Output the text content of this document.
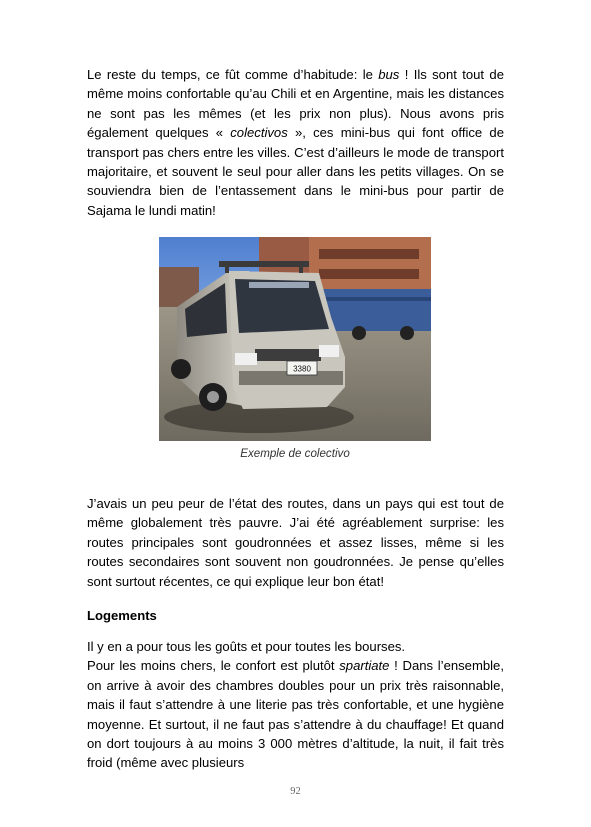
Le reste du temps, ce fût comme d’habitude: le bus ! Ils sont tout de même moins confortable qu’au Chili et en Argentine, mais les distances ne sont pas les mêmes (et les prix non plus). Nous avons pris également quelques « colectivos », ces mini-bus qui font office de transport pas chers entre les villes. C’est d’ailleurs le mode de transport majoritaire, et souvent le seul pour aller dans les petits villages. On se souviendra bien de l’entassement dans le mini-bus pour partir de Sajama le lundi matin!

3380
Exemple de colectivo

J’avais un peu peur de l’état des routes, dans un pays qui est tout de même globalement très pauvre. J’ai été agréablement surprise: les routes principales sont goudronnées et assez lisses, même si les routes secondaires sont souvent non goudronnées. Je pense qu’elles sont surtout récentes, ce qui explique leur bon état!

Logements

Il y en a pour tous les goûts et pour toutes les bourses.
Pour les moins chers, le confort est plutôt spartiate ! Dans l’ensemble, on arrive à avoir des chambres doubles pour un prix très raisonnable, mais il faut s’attendre à une literie pas très confortable, et une hygiène moyenne. Et surtout, il ne faut pas s’attendre à du chauffage! Et quand on dort toujours à au moins 3 000 mètres d’altitude, la nuit, il fait très froid (même avec plusieurs

92
